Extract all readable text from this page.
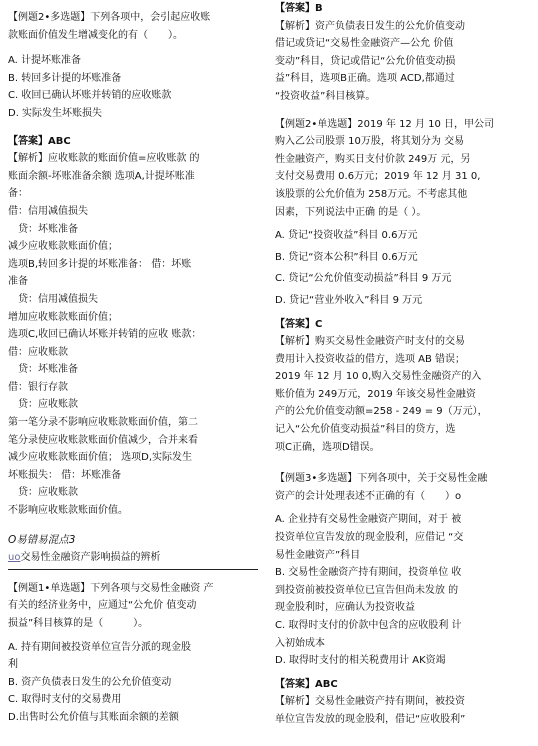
【例题2•多选题】下列各项中，会引起应收账
款账面价值发生增减变化的有（　　）。
A. 计提坏账准备
B. 转回多计提的坏账准备
C. 收回已确认坏账并转销的应收账款
D. 实际发生坏账损失
【答案】ABC
【解析】应收账款的账面价值=应收账款 的
账面余额-坏账准备余额 选项A,计提坏账准
备：
借：信用减值损失
　贷：坏账准备
减少应收账款账面价值；
选项B,转回多计提的坏账准备： 借：坏账
准备
　贷：信用减值损失
增加应收账款账面价值；
选项C,收回已确认坏账并转销的应收 账款：
借：应收账款
　贷：坏账准备
借：银行存款
　贷：应收账款
第一笔分录不影响应收账款账面价值，第二
笔分录使应收账款账面价值减少，合并来看
减少应收账款账面价值； 选项D,实际发生
坏账损失： 借：坏账准备
　贷：应收账款
不影响应收账款账面价值。
O易错易混点3
uo交易性金融资产影响损益的辨析
【例题1•单选题】下列各项与交易性金融资 产
有关的经济业务中，应通过“公允价 值变动
损益”科目核算的是（　　　）。
A. 持有期间被投资单位宣告分派的现金股
利
B. 资产负债表日发生的公允价值变动
C. 取得时支付的交易费用
D.出售时公允价值与其账面余额的差额
【答案】B
【解析】资产负债表日发生的公允价值变动
借记或贷记“交易性金融资产—公允 价值
变动”科目，贷记或借记“公允价值变动损
益”科目，选项B正确。选项 ACD,都通过
“投资收益”科目核算。
【例题2•单选题】2019 年 12 月 10 日，甲公司
购入乙公司股票 10万股，将其划分为 交易
性金融资产，购买日支付价款 249万 元，另
支付交易费用 0.6万元；2019 年 12 月 31 0,
该股票的公允价值为 258万元。不考虑其他
因素，下列说法中正确 的是（ ）。
A. 贷记“投资收益”科目 0.6万元
B. 贷记“资本公积”科目 0.6万元
C. 贷记“公允价值变动损益”科目 9 万元
D. 贷记“营业外收入”科目 9 万元
【答案】C
【解析】购买交易性金融资产时支付的交易
费用计入投资收益的借方，选项 AB 错误；
2019 年 12 月 10 0,购入交易性金融资产的入
账价值为 249万元，2019 年该交易性金融资
产的公允价值变动额=258 - 249 = 9（万元），
记入“公允价值变动损益”科目的贷方，选
项C正确，选项D错误。
【例题3•多选题】下列各项中，关于交易性金融
资产的会计处理表述不正确的有（　　）o
A. 企业持有交易性金融资产期间，对于 被
投资单位宣告发放的现金股利，应借记 “交
易性金融资产”科目
B. 交易性金融资产持有期间，投资单位 收
到投资前被投资单位已宣告但尚未发放 的
现金股利时，应确认为投资收益
C. 取得时支付的价款中包含的应收股利 计
入初始成本
D. 取得时支付的相关税费用计 AK资竭
【答案】ABC
【解析】交易性金融资产持有期间，被投资
单位宣告发放的现金股利，借记“应收股利”
